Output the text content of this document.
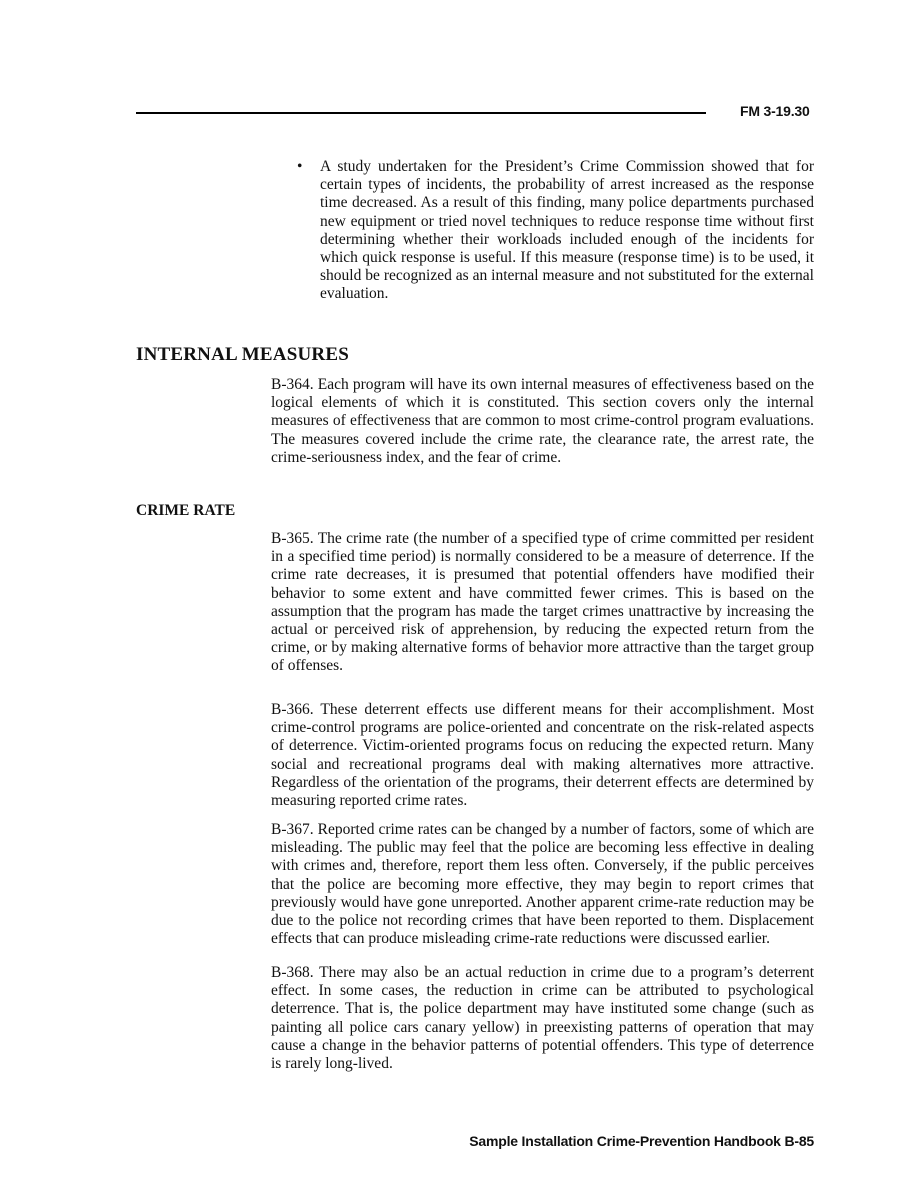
FM 3-19.30
• A study undertaken for the President’s Crime Commission showed that for certain types of incidents, the probability of arrest increased as the response time decreased. As a result of this finding, many police departments purchased new equipment or tried novel techniques to reduce response time without first determining whether their workloads included enough of the incidents for which quick response is useful. If this measure (response time) is to be used, it should be recognized as an internal measure and not substituted for the external evaluation.
INTERNAL MEASURES
B-364. Each program will have its own internal measures of effectiveness based on the logical elements of which it is constituted. This section covers only the internal measures of effectiveness that are common to most crime-control program evaluations. The measures covered include the crime rate, the clearance rate, the arrest rate, the crime-seriousness index, and the fear of crime.
CRIME RATE
B-365. The crime rate (the number of a specified type of crime committed per resident in a specified time period) is normally considered to be a measure of deterrence. If the crime rate decreases, it is presumed that potential offenders have modified their behavior to some extent and have committed fewer crimes. This is based on the assumption that the program has made the target crimes unattractive by increasing the actual or perceived risk of apprehension, by reducing the expected return from the crime, or by making alternative forms of behavior more attractive than the target group of offenses.
B-366. These deterrent effects use different means for their accomplishment. Most crime-control programs are police-oriented and concentrate on the risk-related aspects of deterrence. Victim-oriented programs focus on reducing the expected return. Many social and recreational programs deal with making alternatives more attractive. Regardless of the orientation of the programs, their deterrent effects are determined by measuring reported crime rates.
B-367. Reported crime rates can be changed by a number of factors, some of which are misleading. The public may feel that the police are becoming less effective in dealing with crimes and, therefore, report them less often. Conversely, if the public perceives that the police are becoming more effective, they may begin to report crimes that previously would have gone unreported. Another apparent crime-rate reduction may be due to the police not recording crimes that have been reported to them. Displacement effects that can produce misleading crime-rate reductions were discussed earlier.
B-368. There may also be an actual reduction in crime due to a program’s deterrent effect. In some cases, the reduction in crime can be attributed to psychological deterrence. That is, the police department may have instituted some change (such as painting all police cars canary yellow) in preexisting patterns of operation that may cause a change in the behavior patterns of potential offenders. This type of deterrence is rarely long-lived.
Sample Installation Crime-Prevention Handbook B-85
